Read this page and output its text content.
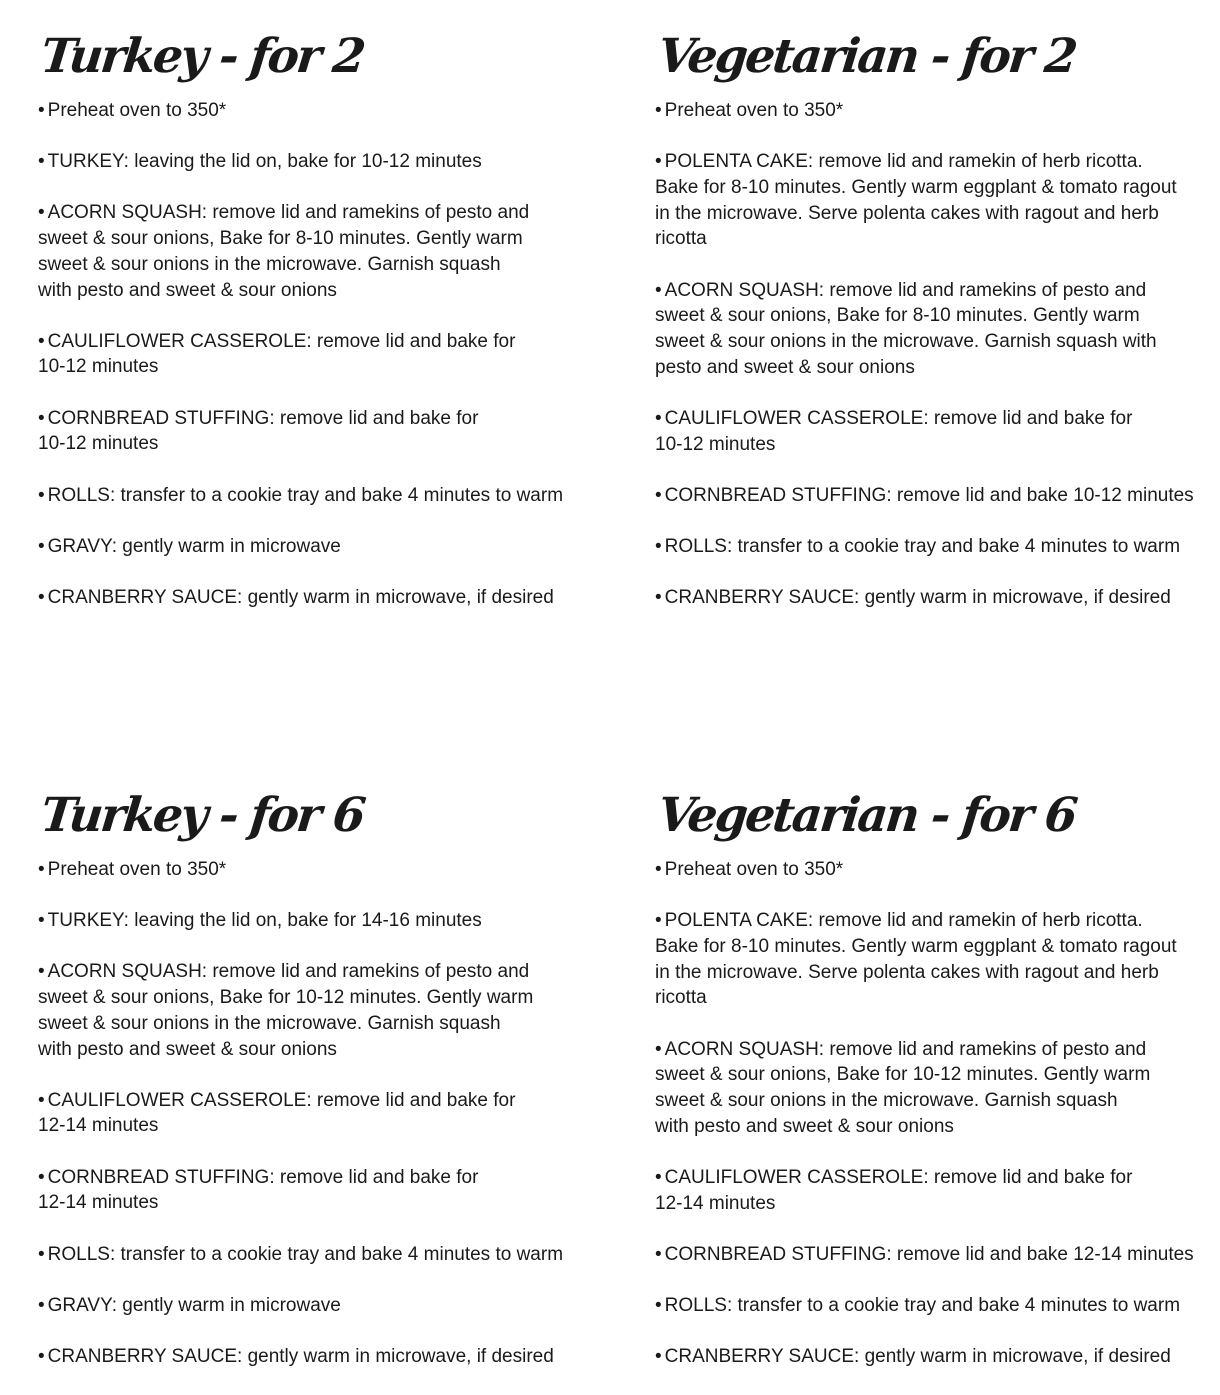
Turkey - for 2

• Preheat oven to 350*

• TURKEY: leaving the lid on, bake for 10-12 minutes

• ACORN SQUASH: remove lid and ramekins of pesto and
sweet & sour onions, Bake for 8-10 minutes. Gently warm
sweet & sour onions in the microwave. Garnish squash
with pesto and sweet & sour onions

• CAULIFLOWER CASSEROLE: remove lid and bake for
10-12 minutes

• CORNBREAD STUFFING: remove lid and bake for
10-12 minutes

• ROLLS: transfer to a cookie tray and bake 4 minutes to warm

• GRAVY: gently warm in microwave

• CRANBERRY SAUCE: gently warm in microwave, if desired

Vegetarian - for 2

• Preheat oven to 350*

• POLENTA CAKE: remove lid and ramekin of herb ricotta.
Bake for 8-10 minutes. Gently warm eggplant & tomato ragout
in the microwave. Serve polenta cakes with ragout and herb
ricotta

• ACORN SQUASH: remove lid and ramekins of pesto and
sweet & sour onions, Bake for 8-10 minutes. Gently warm
sweet & sour onions in the microwave. Garnish squash with
pesto and sweet & sour onions

• CAULIFLOWER CASSEROLE: remove lid and bake for
10-12 minutes

• CORNBREAD STUFFING: remove lid and bake 10-12 minutes

• ROLLS: transfer to a cookie tray and bake 4 minutes to warm

• CRANBERRY SAUCE: gently warm in microwave, if desired

Turkey - for 6

• Preheat oven to 350*

• TURKEY: leaving the lid on, bake for 14-16 minutes

• ACORN SQUASH: remove lid and ramekins of pesto and
sweet & sour onions, Bake for 10-12 minutes. Gently warm
sweet & sour onions in the microwave. Garnish squash
with pesto and sweet & sour onions

• CAULIFLOWER CASSEROLE: remove lid and bake for
12-14 minutes

• CORNBREAD STUFFING: remove lid and bake for
12-14 minutes

• ROLLS: transfer to a cookie tray and bake 4 minutes to warm

• GRAVY: gently warm in microwave

• CRANBERRY SAUCE: gently warm in microwave, if desired

Vegetarian - for 6

• Preheat oven to 350*

• POLENTA CAKE: remove lid and ramekin of herb ricotta.
Bake for 8-10 minutes. Gently warm eggplant & tomato ragout
in the microwave. Serve polenta cakes with ragout and herb
ricotta

• ACORN SQUASH: remove lid and ramekins of pesto and
sweet & sour onions, Bake for 10-12 minutes. Gently warm
sweet & sour onions in the microwave. Garnish squash
with pesto and sweet & sour onions

• CAULIFLOWER CASSEROLE: remove lid and bake for
12-14 minutes

• CORNBREAD STUFFING: remove lid and bake 12-14 minutes

• ROLLS: transfer to a cookie tray and bake 4 minutes to warm

• CRANBERRY SAUCE: gently warm in microwave, if desired
